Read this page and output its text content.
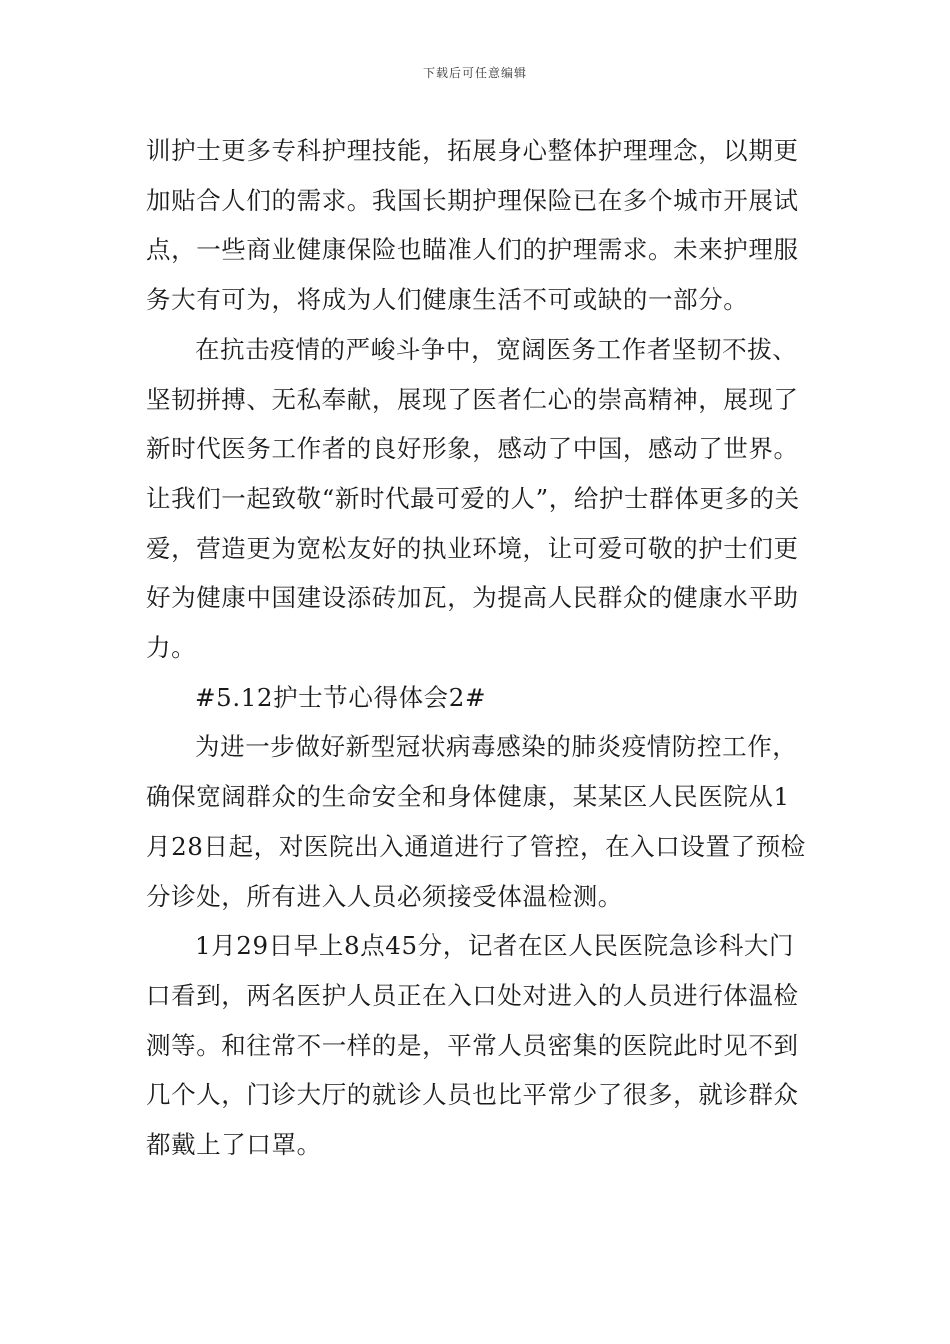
下载后可任意编辑

训护士更多专科护理技能，拓展身心整体护理理念，以期更加贴合人们的需求。我国长期护理保险已在多个城市开展试点，一些商业健康保险也瞄准人们的护理需求。未来护理服务大有可为，将成为人们健康生活不可或缺的一部分。

在抗击疫情的严峻斗争中，宽阔医务工作者坚韧不拔、坚韧拼搏、无私奉献，展现了医者仁心的崇高精神，展现了新时代医务工作者的良好形象，感动了中国，感动了世界。让我们一起致敬“新时代最可爱的人”，给护士群体更多的关爱，营造更为宽松友好的执业环境，让可爱可敬的护士们更好为健康中国建设添砖加瓦，为提高人民群众的健康水平助力。

#5.12护士节心得体会2#

为进一步做好新型冠状病毒感染的肺炎疫情防控工作，确保宽阔群众的生命安全和身体健康，某某区人民医院从1月28日起，对医院出入通道进行了管控，在入口设置了预检分诊处，所有进入人员必须接受体温检测。

1月29日早上8点45分，记者在区人民医院急诊科大门口看到，两名医护人员正在入口处对进入的人员进行体温检测等。和往常不一样的是，平常人员密集的医院此时见不到几个人，门诊大厅的就诊人员也比平常少了很多，就诊群众都戴上了口罩。
